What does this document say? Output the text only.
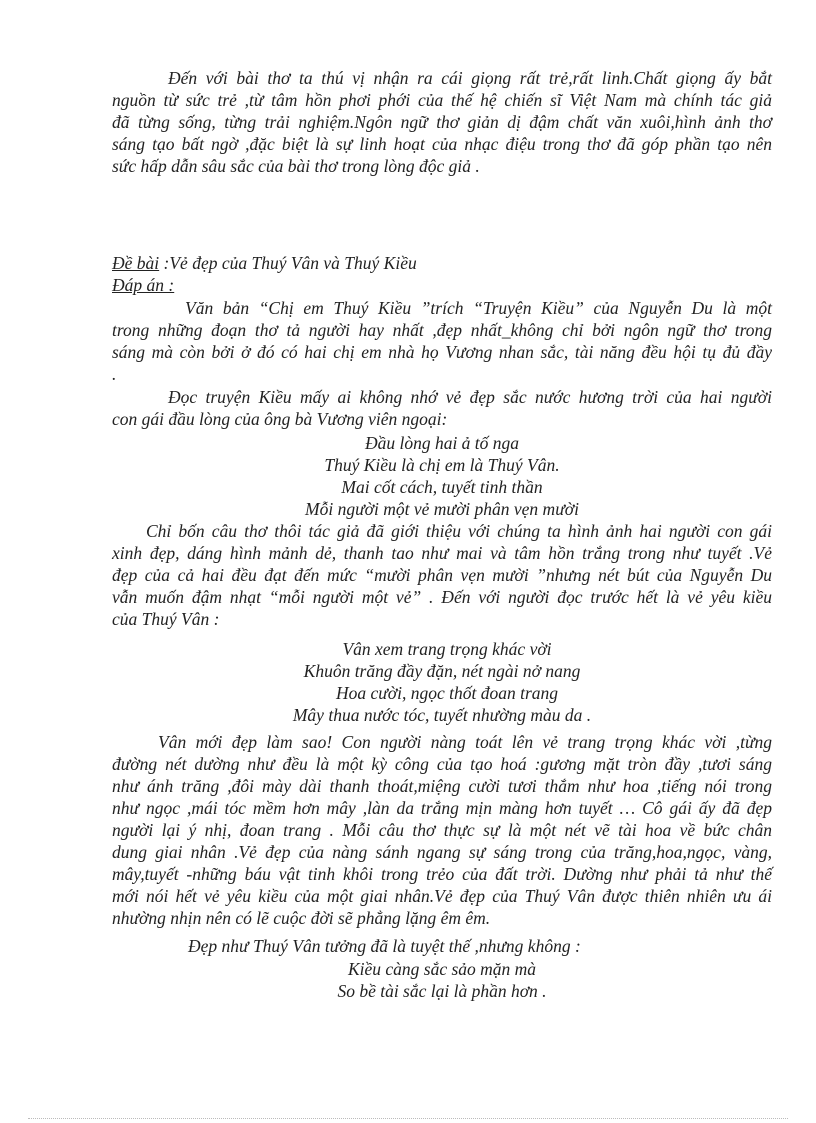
Đến với bài thơ ta thú vị nhận ra cái giọng rất trẻ,rất linh.Chất giọng ấy bắt
nguồn từ sức trẻ ,từ tâm hồn phơi phới của thế hệ chiến sĩ Việt Nam mà chính tác giả
đã từng sống, từng trải nghiệm.Ngôn ngữ thơ giản dị đậm chất văn xuôi,hình ảnh thơ
sáng tạo bất ngờ ,đặc biệt là sự linh hoạt của nhạc điệu trong thơ đã góp phần tạo nên
sức hấp dẫn sâu sắc của bài thơ trong lòng độc giả .
Đề bài :Vẻ đẹp của Thuý Vân và Thuý Kiều
Đáp án :
Văn bản “Chị em Thuý Kiều ”trích “Truyện Kiều” của Nguyễn Du là một
trong những đoạn thơ tả người hay nhất ,đẹp nhất_không chỉ bởi ngôn ngữ thơ trong
sáng mà còn bởi ở đó có hai chị em nhà họ Vương nhan sắc, tài năng đều hội tụ đủ đầy
.
Đọc truyện Kiều mấy ai không nhớ vẻ đẹp sắc nước hương trời của hai người
con gái đầu lòng của ông bà Vương viên ngoại:
Đầu lòng hai ả tố nga
Thuý Kiều là chị em là Thuý Vân.
Mai cốt cách, tuyết tinh thần
Mỗi người một vẻ mười phân vẹn mười
Chỉ bốn câu thơ thôi tác giả đã giới thiệu với chúng ta hình ảnh hai người con gái
xinh đẹp, dáng hình mảnh dẻ, thanh tao như mai và tâm hồn trắng trong như tuyết .Vẻ
đẹp của cả hai đều đạt đến mức “mười phân vẹn mười ”nhưng nét bút của Nguyễn Du
vẫn muốn đậm nhạt “mỗi người một vẻ” . Đến với người đọc trước hết là vẻ yêu kiều
của Thuý Vân :
Vân xem trang trọng khác vời
Khuôn trăng đầy đặn, nét ngài nở nang
Hoa cười, ngọc thốt đoan trang
Mây thua nước tóc, tuyết nhường màu da .
Vân mới đẹp làm sao! Con người nàng toát lên vẻ trang trọng khác vời ,từng
đường nét dường như đều là một kỳ công của tạo hoá :gương mặt tròn đầy ,tươi sáng
như ánh trăng ,đôi mày dài thanh thoát,miệng cười tươi thắm như hoa ,tiếng nói trong
như ngọc ,mái tóc mềm hơn mây ,làn da trắng mịn màng hơn tuyết … Cô gái ấy đã đẹp
người lại ý nhị, đoan trang . Mỗi câu thơ thực sự là một nét vẽ tài hoa về bức chân
dung giai nhân .Vẻ đẹp của nàng sánh ngang sự sáng trong của trăng,hoa,ngọc, vàng,
mây,tuyết -những báu vật tinh khôi trong trẻo của đất trời. Dường như phải tả như thế
mới nói hết vẻ yêu kiều của một giai nhân.Vẻ đẹp của Thuý Vân được thiên nhiên ưu ái
nhường nhịn nên có lẽ cuộc đời sẽ phẳng lặng êm êm.
Đẹp như Thuý Vân tưởng đã là tuyệt thế ,nhưng không :
Kiều càng sắc sảo mặn mà
So bề tài sắc lại là phần hơn .
